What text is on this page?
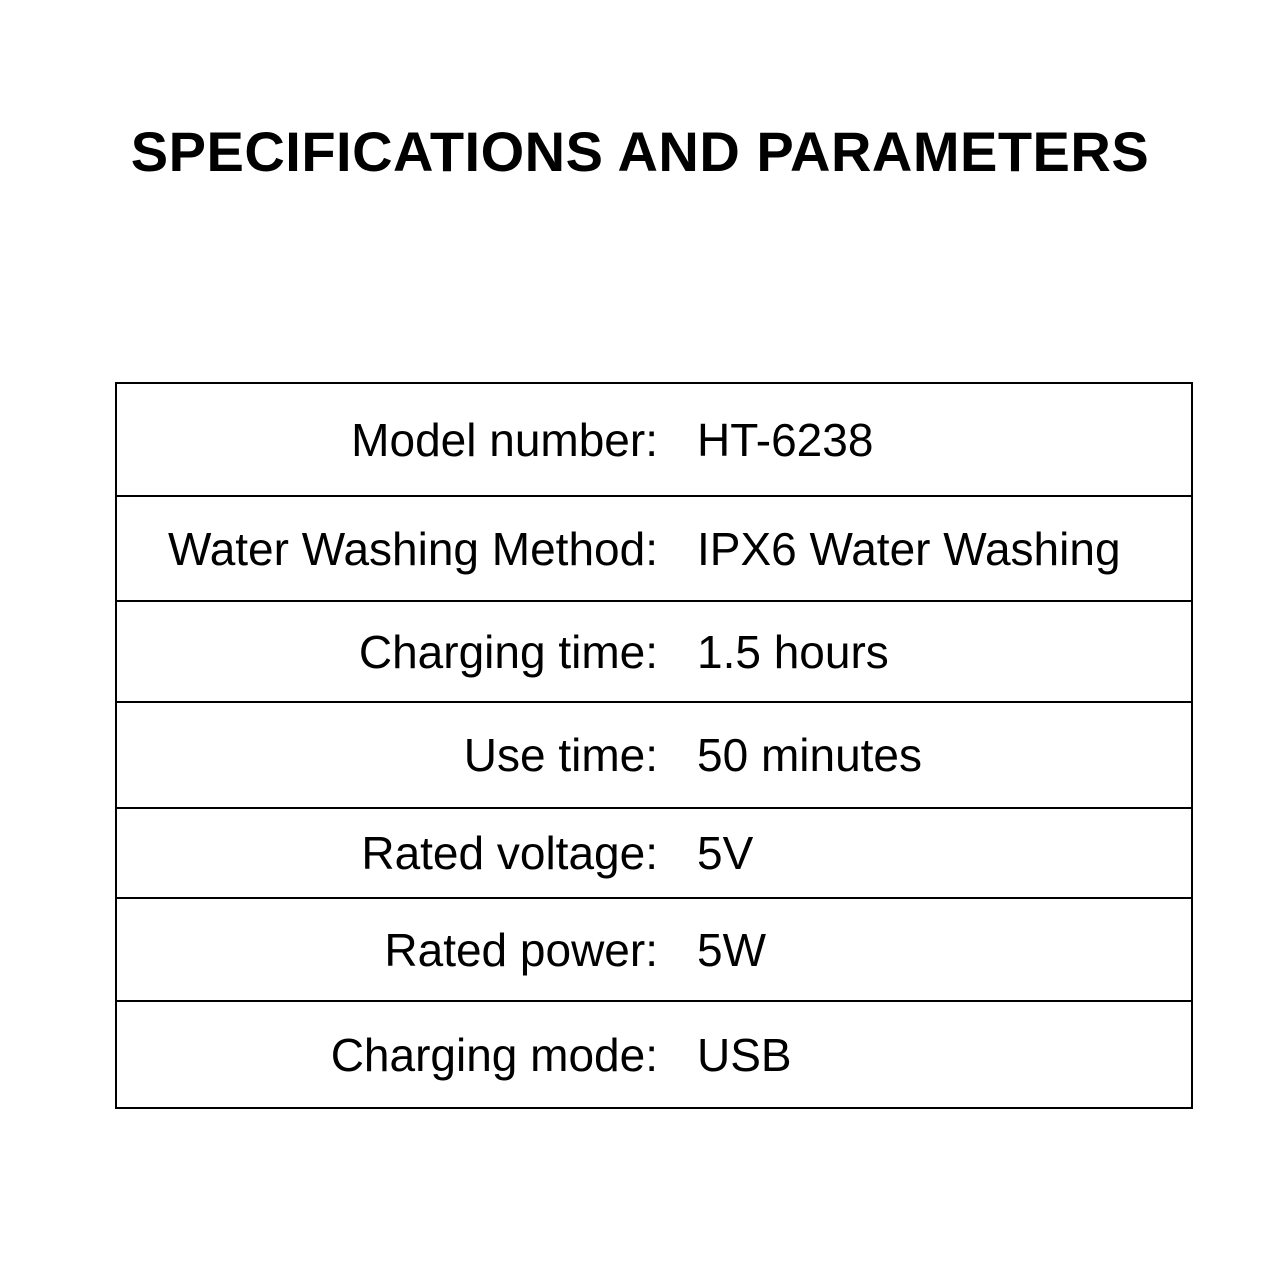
SPECIFICATIONS AND PARAMETERS
Model number: HT-6238
Water Washing Method: IPX6 Water Washing
Charging time: 1.5 hours
Use time: 50 minutes
Rated voltage: 5V
Rated power: 5W
Charging mode: USB
